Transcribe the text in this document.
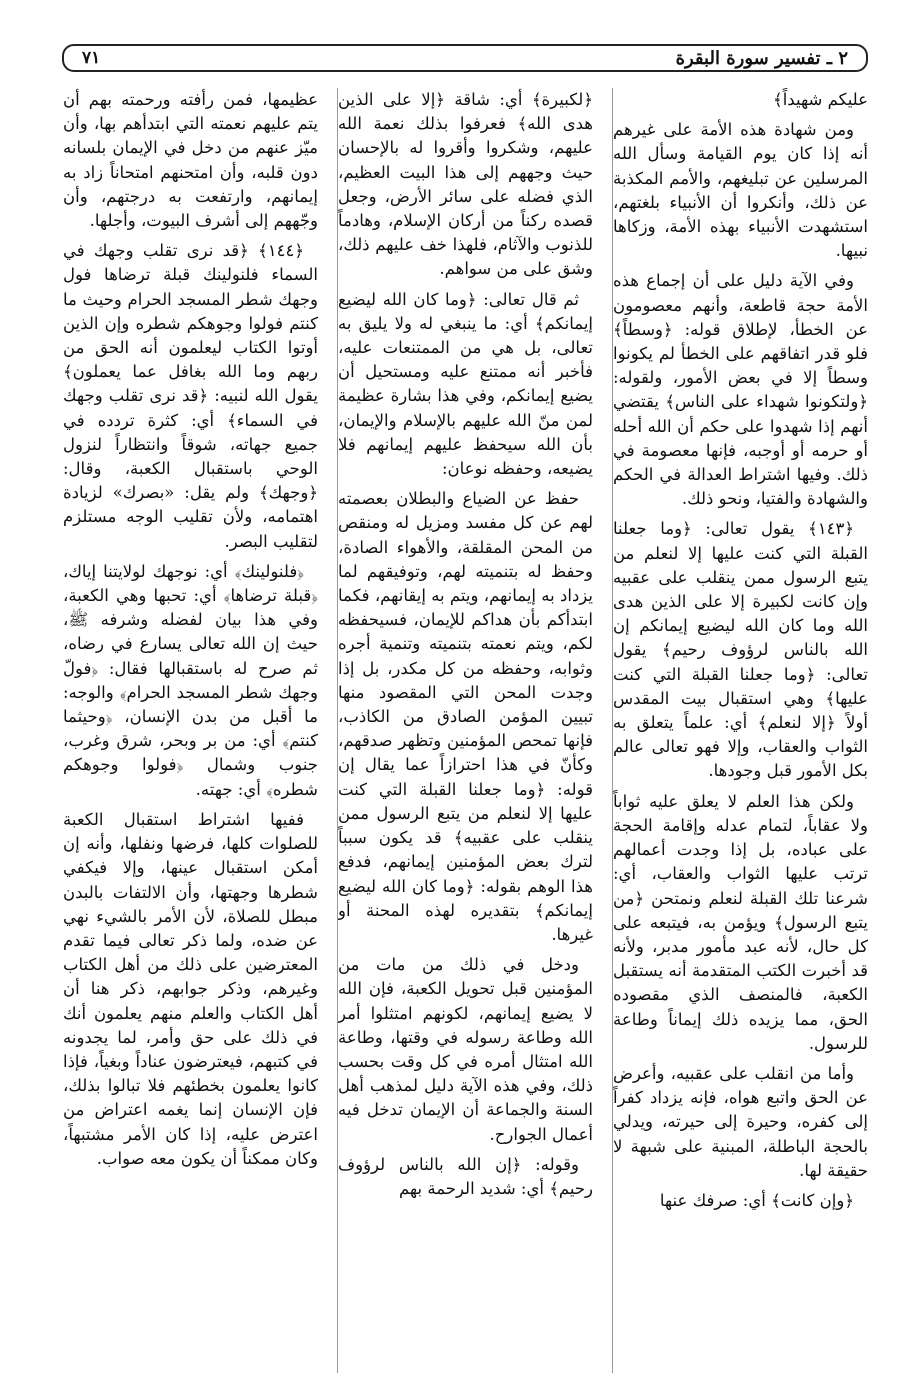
٢ ـ تفسير سورة البقرة
٧١

عليكم شهيداً﴾

ومن شهادة هذه الأمة على غيرهم أنه إذا كان يوم القيامة وسأل الله المرسلين عن تبليغهم، والأمم المكذبة عن ذلك، وأنكروا أن الأنبياء بلغتهم، استشهدت الأنبياء بهذه الأمة، وزكاها نبيها.

وفي الآية دليل على أن إجماع هذه الأمة حجة قاطعة، وأنهم معصومون عن الخطأ، لإطلاق قوله: ﴿وسطاً﴾ فلو قدر اتفاقهم على الخطأ لم يكونوا وسطاً إلا في بعض الأمور، ولقوله: ﴿ولتكونوا شهداء على الناس﴾ يقتضي أنهم إذا شهدوا على حكم أن الله أحله أو حرمه أو أوجبه، فإنها معصومة في ذلك. وفيها اشتراط العدالة في الحكم والشهادة والفتيا، ونحو ذلك.

﴿١٤٣﴾ يقول تعالى: ﴿وما جعلنا القبلة التي كنت عليها إلا لنعلم من يتبع الرسول ممن ينقلب على عقبيه وإن كانت لكبيرة إلا على الذين هدى الله وما كان الله ليضيع إيمانكم إن الله بالناس لرؤوف رحيم﴾ يقول تعالى: ﴿وما جعلنا القبلة التي كنت عليها﴾ وهي استقبال بيت المقدس أولاً ﴿إلا لنعلم﴾ أي: علماً يتعلق به الثواب والعقاب، وإلا فهو تعالى عالم بكل الأمور قبل وجودها.

ولكن هذا العلم لا يعلق عليه ثواباً ولا عقاباً، لتمام عدله وإقامة الحجة على عباده، بل إذا وجدت أعمالهم ترتب عليها الثواب والعقاب، أي: شرعنا تلك القبلة لنعلم ونمتحن ﴿من يتبع الرسول﴾ ويؤمن به، فيتبعه على كل حال، لأنه عبد مأمور مدبر، ولأنه قد أخبرت الكتب المتقدمة أنه يستقبل الكعبة، فالمنصف الذي مقصوده الحق، مما يزيده ذلك إيماناً وطاعة للرسول.

وأما من انقلب على عقبيه، وأعرض عن الحق واتبع هواه، فإنه يزداد كفراً إلى كفره، وحيرة إلى حيرته، ويدلي بالحجة الباطلة، المبنية على شبهة لا حقيقة لها.

﴿وإن كانت﴾ أي: صرفك عنها

﴿لكبيرة﴾ أي: شاقة ﴿إلا على الذين هدى الله﴾ فعرفوا بذلك نعمة الله عليهم، وشكروا وأقروا له بالإحسان حيث وجههم إلى هذا البيت العظيم، الذي فضله على سائر الأرض، وجعل قصده ركناً من أركان الإسلام، وهادماً للذنوب والآثام، فلهذا خف عليهم ذلك، وشق على من سواهم.

ثم قال تعالى: ﴿وما كان الله ليضيع إيمانكم﴾ أي: ما ينبغي له ولا يليق به تعالى، بل هي من الممتنعات عليه، فأخبر أنه ممتنع عليه ومستحيل أن يضيع إيمانكم، وفي هذا بشارة عظيمة لمن منّ الله عليهم بالإسلام والإيمان، بأن الله سيحفظ عليهم إيمانهم فلا يضيعه، وحفظه نوعان:

حفظ عن الضياع والبطلان بعصمته لهم عن كل مفسد ومزيل له ومنقص من المحن المقلقة، والأهواء الصادة، وحفظ له بتنميته لهم، وتوفيقهم لما يزداد به إيمانهم، ويتم به إيقانهم، فكما ابتدأكم بأن هداكم للإيمان، فسيحفظه لكم، ويتم نعمته بتنميته وتنمية أجره وثوابه، وحفظه من كل مكدر، بل إذا وجدت المحن التي المقصود منها تبيين المؤمن الصادق من الكاذب، فإنها تمحص المؤمنين وتظهر صدقهم، وكأنّ في هذا احترازاً عما يقال إن قوله: ﴿وما جعلنا القبلة التي كنت عليها إلا لنعلم من يتبع الرسول ممن ينقلب على عقبيه﴾ قد يكون سبباً لترك بعض المؤمنين إيمانهم، فدفع هذا الوهم بقوله: ﴿وما كان الله ليضيع إيمانكم﴾ بتقديره لهذه المحنة أو غيرها.

ودخل في ذلك من مات من المؤمنين قبل تحويل الكعبة، فإن الله لا يضيع إيمانهم، لكونهم امتثلوا أمر الله وطاعة رسوله في وقتها، وطاعة الله امتثال أمره في كل وقت بحسب ذلك، وفي هذه الآية دليل لمذهب أهل السنة والجماعة أن الإيمان تدخل فيه أعمال الجوارح.

وقوله: ﴿إن الله بالناس لرؤوف رحيم﴾ أي: شديد الرحمة بهم

عظيمها، فمن رأفته ورحمته بهم أن يتم عليهم نعمته التي ابتدأهم بها، وأن ميّز عنهم من دخل في الإيمان بلسانه دون قلبه، وأن امتحنهم امتحاناً زاد به إيمانهم، وارتفعت به درجتهم، وأن وجّههم إلى أشرف البيوت، وأجلها.

﴿١٤٤﴾ ﴿قد نرى تقلب وجهك في السماء فلنولينك قبلة ترضاها فول وجهك شطر المسجد الحرام وحيث ما كنتم فولوا وجوهكم شطره وإن الذين أوتوا الكتاب ليعلمون أنه الحق من ربهم وما الله بغافل عما يعملون﴾ يقول الله لنبيه: ﴿قد نرى تقلب وجهك في السماء﴾ أي: كثرة تردده في جميع جهاته، شوقاً وانتظاراً لنزول الوحي باستقبال الكعبة، وقال: ﴿وجهك﴾ ولم يقل: «بصرك» لزيادة اهتمامه، ولأن تقليب الوجه مستلزم لتقليب البصر.

﴿فلنولينك﴾ أي: نوجهك لولايتنا إياك، ﴿قبلة ترضاها﴾ أي: تحبها وهي الكعبة، وفي هذا بيان لفضله وشرفه ﷺ، حيث إن الله تعالى يسارع في رضاه، ثم صرح له باستقبالها فقال: ﴿فولّ وجهك شطر المسجد الحرام﴾ والوجه: ما أقبل من بدن الإنسان، ﴿وحيثما كنتم﴾ أي: من بر وبحر، شرق وغرب، جنوب وشمال ﴿فولوا وجوهكم شطره﴾ أي: جهته.

ففيها اشتراط استقبال الكعبة للصلوات كلها، فرضها ونفلها، وأنه إن أمكن استقبال عينها، وإلا فيكفي شطرها وجهتها، وأن الالتفات بالبدن مبطل للصلاة، لأن الأمر بالشيء نهي عن ضده، ولما ذكر تعالى فيما تقدم المعترضين على ذلك من أهل الكتاب وغيرهم، وذكر جوابهم، ذكر هنا أن أهل الكتاب والعلم منهم يعلمون أنك في ذلك على حق وأمر، لما يجدونه في كتبهم، فيعترضون عناداً وبغياً، فإذا كانوا يعلمون بخطئهم فلا تبالوا بذلك، فإن الإنسان إنما يغمه اعتراض من اعترض عليه، إذا كان الأمر مشتبهاً، وكان ممكناً أن يكون معه صواب.
